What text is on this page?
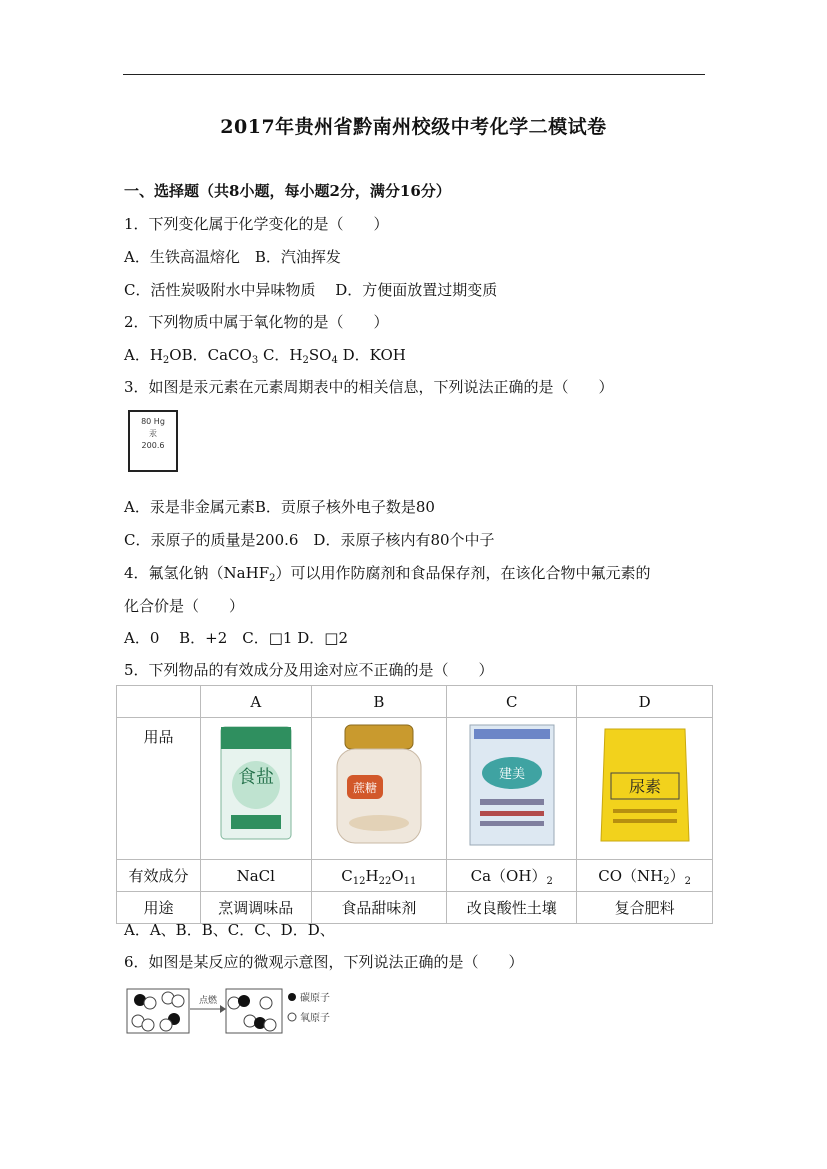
2017年贵州省黔南州校级中考化学二模试卷
一、选择题（共8小题，每小题2分，满分16分）
1．下列变化属于化学变化的是（　　）
A．生铁高温熔化　B．汽油挥发
C．活性炭吸附水中异味物质　 D．方便面放置过期变质
2．下列物质中属于氧化物的是（　　）
A．$H_2OB$．CaCO$_3$ C．$H_2SO_4$ D．KOH
3．如图是汞元素在元素周期表中的相关信息，下列说法正确的是（　　）
80 Hg
汞
200.6
A．汞是非金属元素B．贡原子核外电子数是80
C．汞原子的质量是200.6　D．汞原子核内有80个中子
4．氟氢化钠（NaHF$_2$）可以用作防腐剂和食品保存剂，在该化合物中氟元素的
化合价是（　　）
A．0　 B．+2　C．□1 D．□2
5．下列物品的有效成分及用途对应不正确的是（　　）
	A	B	C	D
用品	食盐	蔗糖	建美	尿素

有效成分	NaCl	$C_{12}H_{22}O_{11}$	$Ca(OH)_2$	$CO(NH_2)_2$
用途	烹调调味品	食品甜味剂	改良酸性土壤	复合肥料
A．A、B．B、C．C、D．D、
6．如图是某反应的微观示意图，下列说法正确的是（　　）
点燃	碳原子
氧原子
